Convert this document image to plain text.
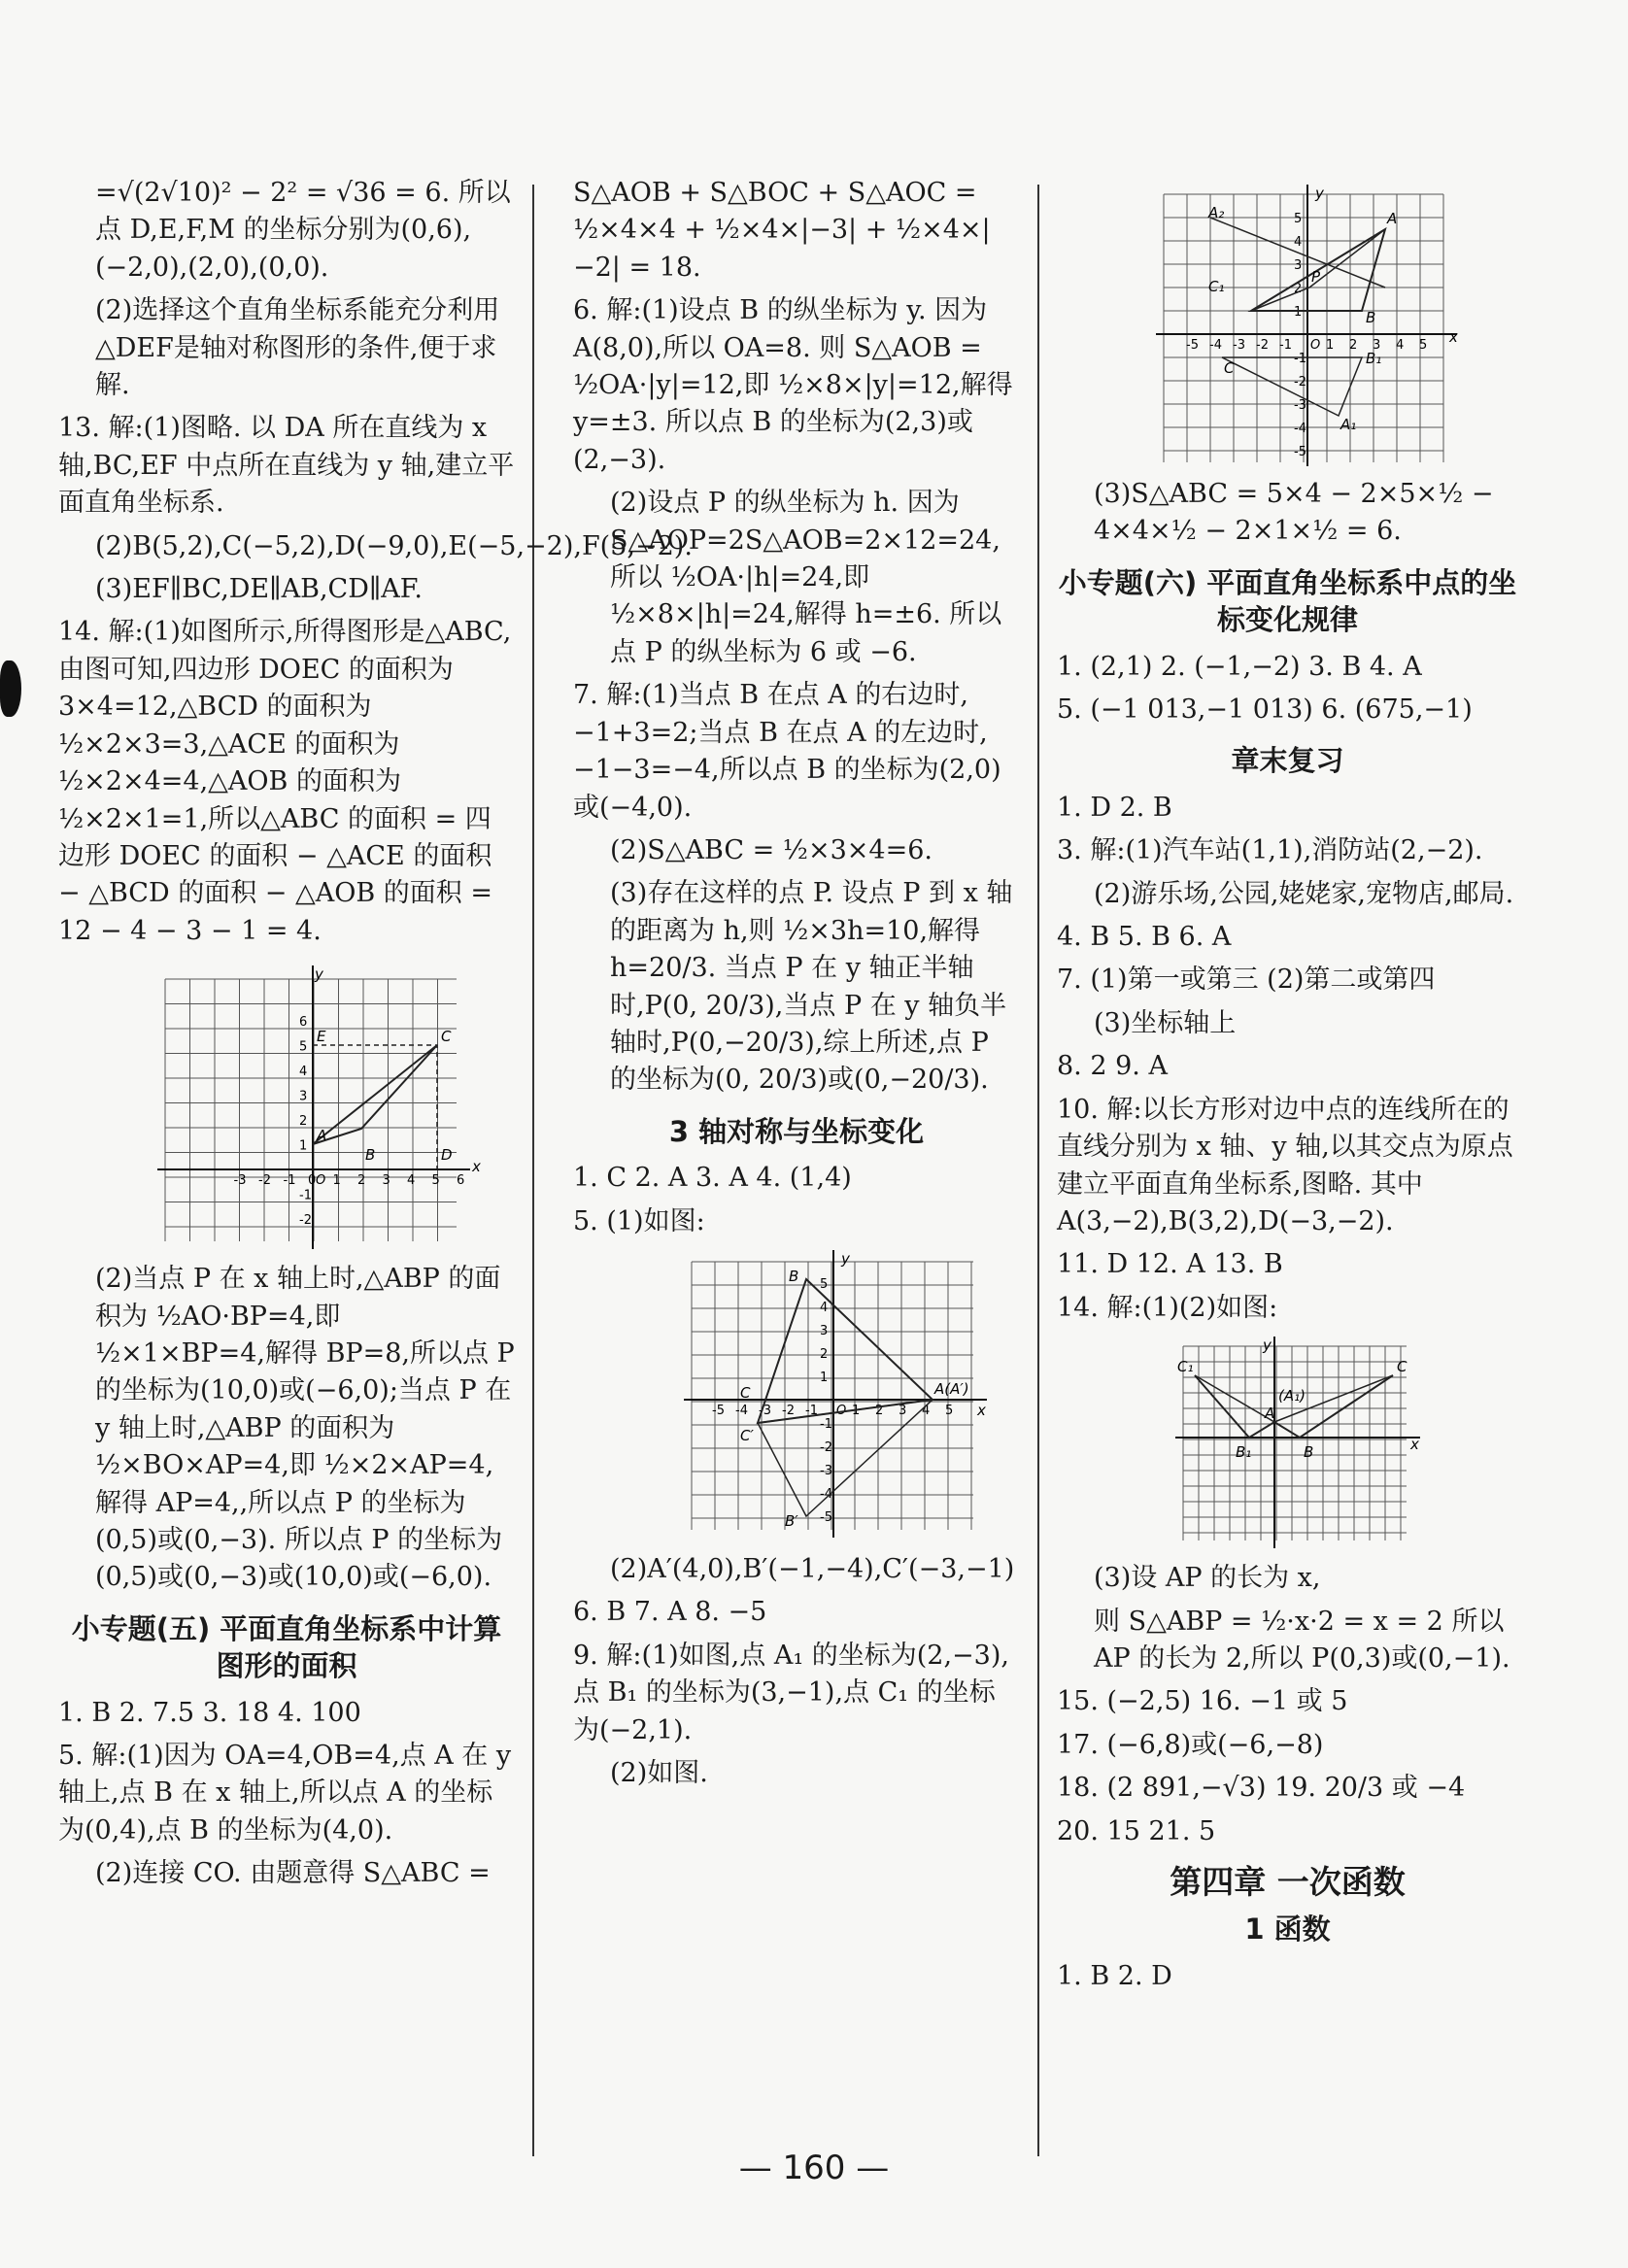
=√(2√10)² − 2² = √36 = 6. 所以点 D,E,F,M 的坐标分别为(0,6),(−2,0),(2,0),(0,0).

(2)选择这个直角坐标系能充分利用△DEF是轴对称图形的条件,便于求解.

13. 解:(1)图略. 以 DA 所在直线为 x 轴,BC,EF 中点所在直线为 y 轴,建立平面直角坐标系.

(2)B(5,2),C(−5,2),D(−9,0),E(−5,−2),F(5,−2).

(3)EF∥BC,DE∥AB,CD∥AF.

14. 解:(1)如图所示,所得图形是△ABC,由图可知,四边形 DOEC 的面积为 3×4=12,△BCD 的面积为 ½×2×3=3,△ACE 的面积为 ½×2×4=4,△AOB 的面积为 ½×2×1=1,所以△ABC 的面积 = 四边形 DOEC 的面积 − △ACE 的面积 − △BCD 的面积 − △AOB 的面积 = 12 − 4 − 3 − 1 = 4.

-3 -2 -1 0 1 2 3 4 5 6
-2
-1
1
2
3
4
5
6
O
y
x
A
B
C
D
E

(2)当点 P 在 x 轴上时,△ABP 的面积为 ½AO·BP=4,即 ½×1×BP=4,解得 BP=8,所以点 P 的坐标为(10,0)或(−6,0);当点 P 在 y 轴上时,△ABP 的面积为 ½×BO×AP=4,即 ½×2×AP=4,解得 AP=4,,所以点 P 的坐标为(0,5)或(0,−3). 所以点 P 的坐标为(0,5)或(0,−3)或(10,0)或(−6,0).

小专题(五) 平面直角坐标系中计算图形的面积

1. B 2. 7.5 3. 18 4. 100

5. 解:(1)因为 OA=4,OB=4,点 A 在 y 轴上,点 B 在 x 轴上,所以点 A 的坐标为(0,4),点 B 的坐标为(4,0).

(2)连接 CO. 由题意得 S△ABC =

S△AOB + S△BOC + S△AOC = ½×4×4 + ½×4×|−3| + ½×4×|−2| = 18.

6. 解:(1)设点 B 的纵坐标为 y. 因为 A(8,0),所以 OA=8. 则 S△AOB = ½OA·|y|=12,即 ½×8×|y|=12,解得 y=±3. 所以点 B 的坐标为(2,3)或(2,−3).

(2)设点 P 的纵坐标为 h. 因为 S△AOP=2S△AOB=2×12=24,所以 ½OA·|h|=24,即 ½×8×|h|=24,解得 h=±6. 所以点 P 的纵坐标为 6 或 −6.

7. 解:(1)当点 B 在点 A 的右边时,−1+3=2;当点 B 在点 A 的左边时,−1−3=−4,所以点 B 的坐标为(2,0)或(−4,0).

(2)S△ABC = ½×3×4=6.

(3)存在这样的点 P. 设点 P 到 x 轴的距离为 h,则 ½×3h=10,解得 h=20/3. 当点 P 在 y 轴正半轴时,P(0, 20/3),当点 P 在 y 轴负半轴时,P(0,−20/3),综上所述,点 P 的坐标为(0, 20/3)或(0,−20/3).

3 轴对称与坐标变化

1. C 2. A 3. A 4. (1,4)

5. (1)如图:

-5 -4 -3 -2 -1	1 2 3 4 5
-5
-4
-3
-2
-1
1
2
3
4
5
O
y
x
A(A′)
B
C
C′
B′

(2)A′(4,0),B′(−1,−4),C′(−3,−1)

6. B 7. A 8. −5

9. 解:(1)如图,点 A₁ 的坐标为(2,−3),点 B₁ 的坐标为(3,−1),点 C₁ 的坐标为(−2,1).

(2)如图.

-5 -4 -3 -2 -1	1 2 3 4 5
-5
-4
-3
-2
-1
1
2
3
4
5
O
y
x
A
B
C
P
A₂
C₁
B₁
A₁

(3)S△ABC = 5×4 − 2×5×½ − 4×4×½ − 2×1×½ = 6.

小专题(六) 平面直角坐标系中点的坐标变化规律

1. (2,1) 2. (−1,−2) 3. B 4. A

5. (−1 013,−1 013) 6. (675,−1)

章末复习

1. D 2. B

3. 解:(1)汽车站(1,1),消防站(2,−2).

(2)游乐场,公园,姥姥家,宠物店,邮局.

4. B 5. B 6. A

7. (1)第一或第三 (2)第二或第四

(3)坐标轴上

8. 2 9. A

10. 解:以长方形对边中点的连线所在的直线分别为 x 轴、y 轴,以其交点为原点建立平面直角坐标系,图略. 其中 A(3,−2),B(3,2),D(−3,−2).

11. D 12. A 13. B

14. 解:(1)(2)如图:

y
x
C₁	C
A
(A₁)
B₁	B

(3)设 AP 的长为 x,

则 S△ABP = ½·x·2 = x = 2 所以 AP 的长为 2,所以 P(0,3)或(0,−1).

15. (−2,5) 16. −1 或 5

17. (−6,8)或(−6,−8)

18. (2 891,−√3) 19. 20/3 或 −4

20. 15 21. 5

第四章 一次函数
1 函数

1. B 2. D

— 160 —
